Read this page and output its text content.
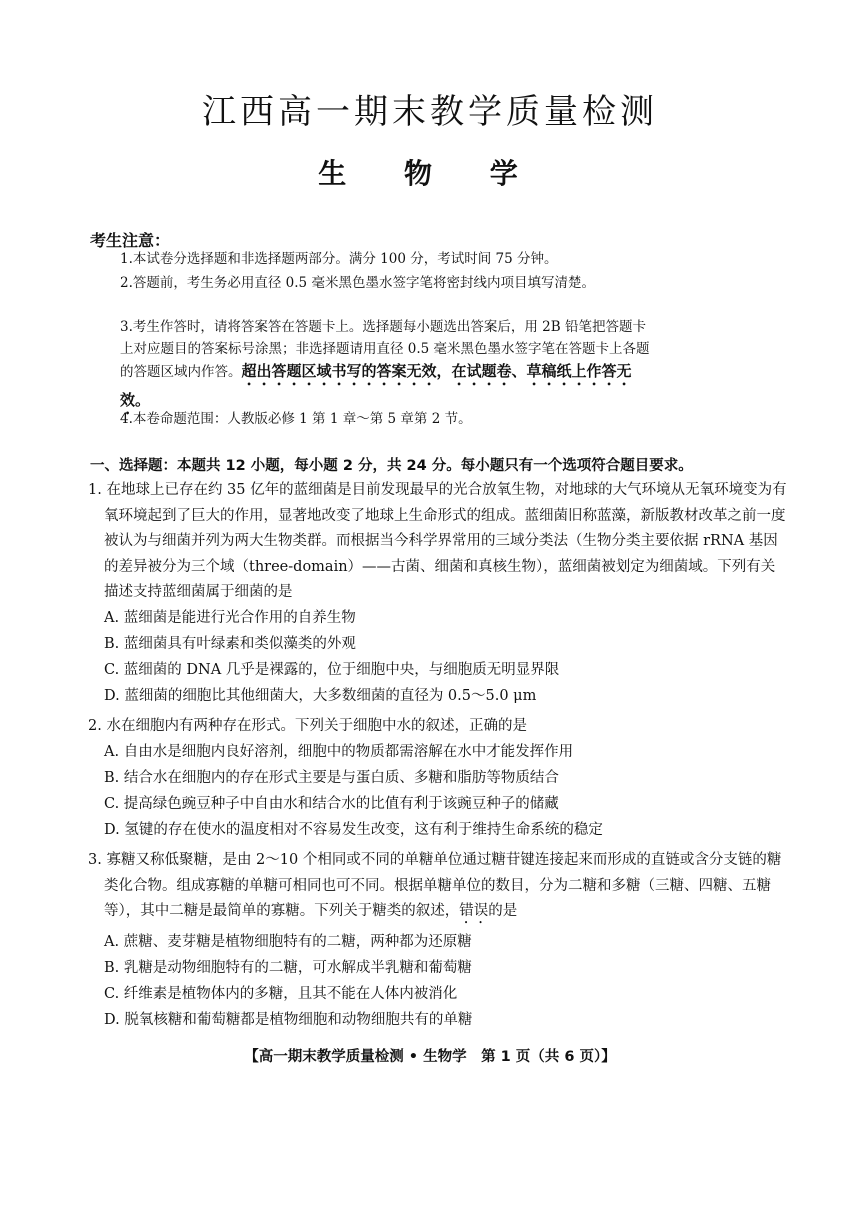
江西高一期末教学质量检测
生 物 学
考生注意：
1.本试卷分选择题和非选择题两部分。满分 100 分，考试时间 75 分钟。
2.答题前，考生务必用直径 0.5 毫米黑色墨水签字笔将密封线内项目填写清楚。
3.考生作答时，请将答案答在答题卡上。选择题每小题选出答案后，用 2B 铅笔把答题卡上对应题目的答案标号涂黑；非选择题请用直径 0.5 毫米黑色墨水签字笔在答题卡上各题的答题区域内作答。超出答题区域书写的答案无效，在试题卷、草稿纸上作答无效。
4.本卷命题范围：人教版必修 1 第 1 章～第 5 章第 2 节。
一、选择题：本题共 12 小题，每小题 2 分，共 24 分。每小题只有一个选项符合题目要求。
1. 在地球上已存在约 35 亿年的蓝细菌是目前发现最早的光合放氧生物，对地球的大气环境从无氧环境变为有氧环境起到了巨大的作用，显著地改变了地球上生命形式的组成。蓝细菌旧称蓝藻，新版教材改革之前一度被认为与细菌并列为两大生物类群。而根据当今科学界常用的三域分类法（生物分类主要依据 rRNA 基因的差异被分为三个域（three-domain）——古菌、细菌和真核生物），蓝细菌被划定为细菌域。下列有关描述支持蓝细菌属于细菌的是
A. 蓝细菌是能进行光合作用的自养生物
B. 蓝细菌具有叶绿素和类似藻类的外观
C. 蓝细菌的 DNA 几乎是裸露的，位于细胞中央，与细胞质无明显界限
D. 蓝细菌的细胞比其他细菌大，大多数细菌的直径为 0.5～5.0 μm
2. 水在细胞内有两种存在形式。下列关于细胞中水的叙述，正确的是
A. 自由水是细胞内良好溶剂，细胞中的物质都需溶解在水中才能发挥作用
B. 结合水在细胞内的存在形式主要是与蛋白质、多糖和脂肪等物质结合
C. 提高绿色豌豆种子中自由水和结合水的比值有利于该豌豆种子的储藏
D. 氢键的存在使水的温度相对不容易发生改变，这有利于维持生命系统的稳定
3. 寡糖又称低聚糖，是由 2～10 个相同或不同的单糖单位通过糖苷键连接起来而形成的直链或含分支链的糖类化合物。组成寡糖的单糖可相同也可不同。根据单糖单位的数目，分为二糖和多糖（三糖、四糖、五糖等），其中二糖是最简单的寡糖。下列关于糖类的叙述，错误的是
A. 蔗糖、麦芽糖是植物细胞特有的二糖，两种都为还原糖
B. 乳糖是动物细胞特有的二糖，可水解成半乳糖和葡萄糖
C. 纤维素是植物体内的多糖，且其不能在人体内被消化
D. 脱氧核糖和葡萄糖都是植物细胞和动物细胞共有的单糖
【高一期末教学质量检测 • 生物学　第 1 页（共 6 页）】
